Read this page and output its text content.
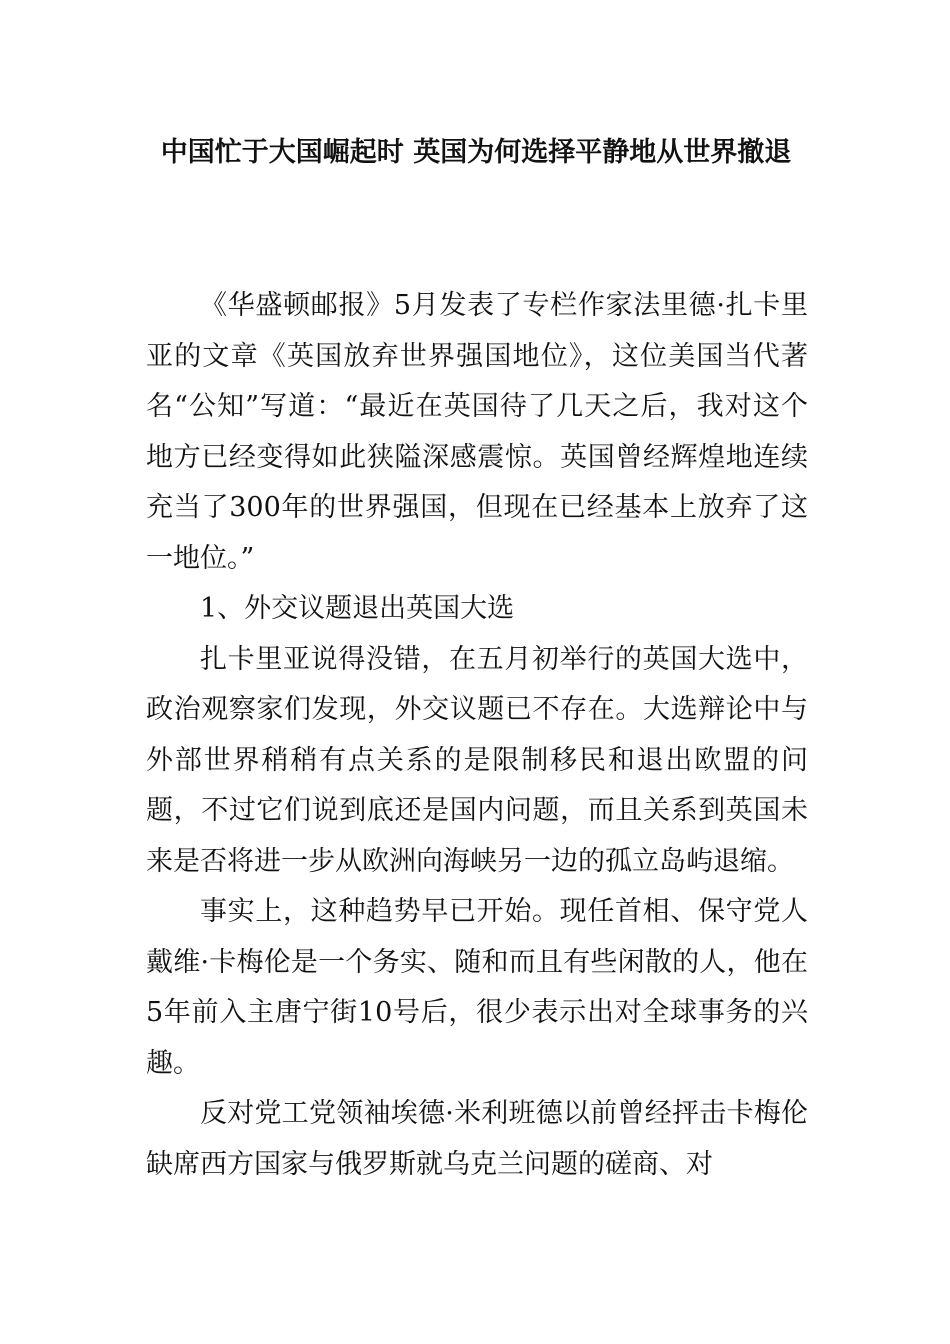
中国忙于大国崛起时 英国为何选择平静地从世界撤退

《华盛顿邮报》5月发表了专栏作家法里德·扎卡里亚的文章《英国放弃世界强国地位》，这位美国当代著名“公知”写道：“最近在英国待了几天之后，我对这个地方已经变得如此狭隘深感震惊。英国曾经辉煌地连续充当了300年的世界强国，但现在已经基本上放弃了这一地位。”

1、外交议题退出英国大选

扎卡里亚说得没错，在五月初举行的英国大选中，政治观察家们发现，外交议题已不存在。大选辩论中与外部世界稍稍有点关系的是限制移民和退出欧盟的问题，不过它们说到底还是国内问题，而且关系到英国未来是否将进一步从欧洲向海峡另一边的孤立岛屿退缩。

事实上，这种趋势早已开始。现任首相、保守党人戴维·卡梅伦是一个务实、随和而且有些闲散的人，他在5年前入主唐宁街10号后，很少表示出对全球事务的兴趣。

反对党工党领袖埃德·米利班德以前曾经抨击卡梅伦缺席西方国家与俄罗斯就乌克兰问题的磋商、对
